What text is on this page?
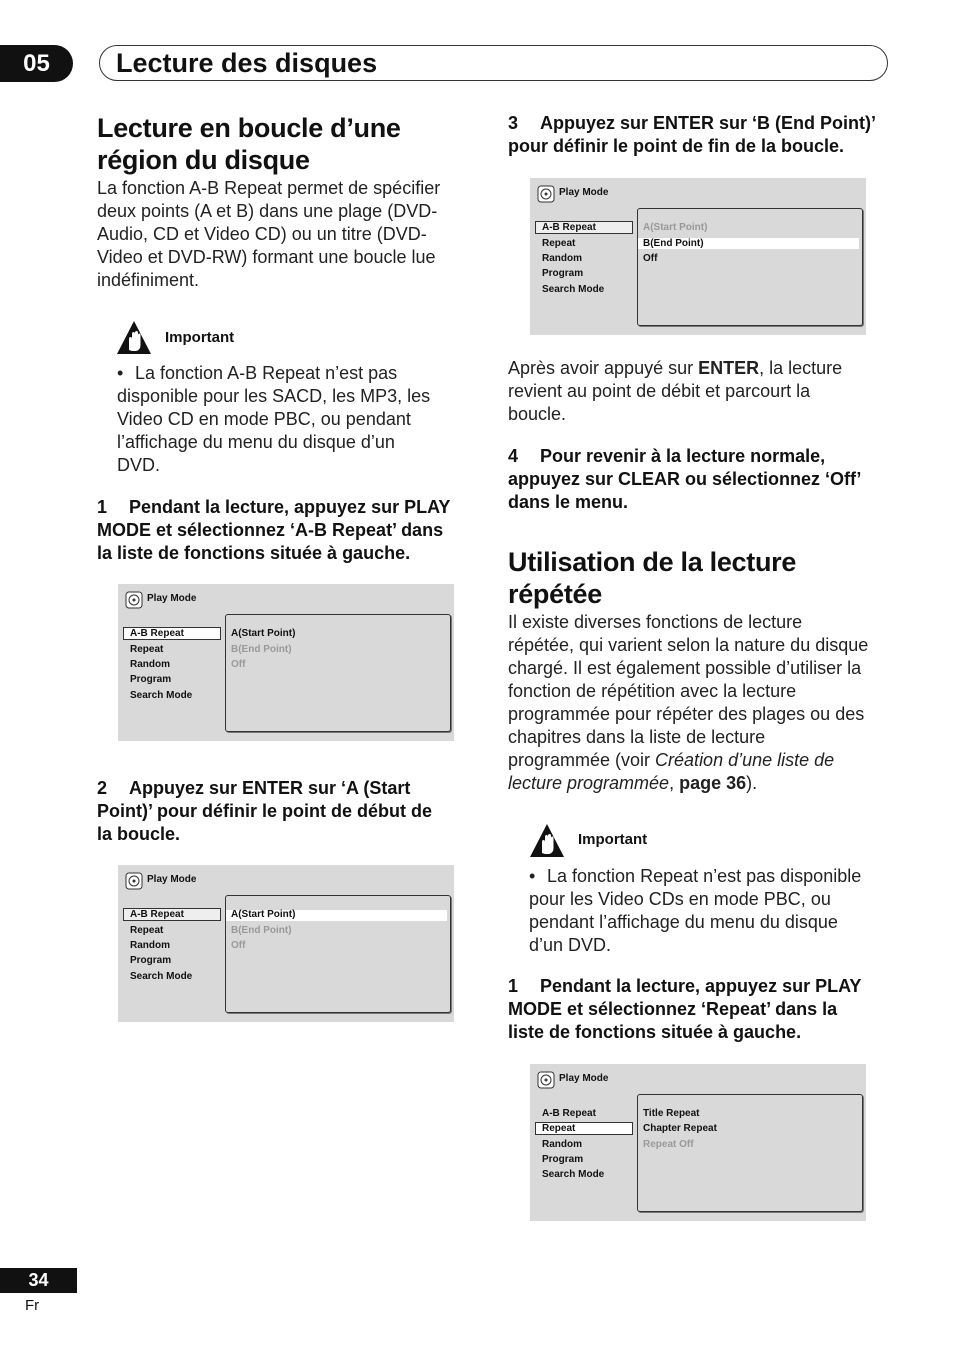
05	Lecture des disques
Lecture en boucle d’une
région du disque
La fonction A-B Repeat permet de spécifier
deux points (A et B) dans une plage (DVD-
Audio, CD et Video CD) ou un titre (DVD-
Video et DVD-RW) formant une boucle lue
indéfiniment.
Important
• La fonction A-B Repeat n’est pas
disponible pour les SACD, les MP3, les
Video CD en mode PBC, ou pendant
l’affichage du menu du disque d’un
DVD.
1 Pendant la lecture, appuyez sur PLAY
MODE et sélectionnez ‘A-B Repeat’ dans
la liste de fonctions située à gauche.
Play Mode
A-B Repeat
Repeat
Random
Program
Search Mode
A(Start Point)
B(End Point)
Off
2 Appuyez sur ENTER sur ‘A (Start
Point)’ pour définir le point de début de
la boucle.
Play Mode
A-B Repeat
Repeat
Random
Program
Search Mode
A(Start Point)
B(End Point)
Off
3 Appuyez sur ENTER sur ‘B (End Point)’
pour définir le point de fin de la boucle.
Play Mode
A-B Repeat
Repeat
Random
Program
Search Mode
A(Start Point)
B(End Point)
Off
Après avoir appuyé sur ENTER, la lecture
revient au point de débit et parcourt la
boucle.
4 Pour revenir à la lecture normale,
appuyez sur CLEAR ou sélectionnez ‘Off’
dans le menu.
Utilisation de la lecture
répétée
Il existe diverses fonctions de lecture
répétée, qui varient selon la nature du disque
chargé. Il est également possible d’utiliser la
fonction de répétition avec la lecture
programmée pour répéter des plages ou des
chapitres dans la liste de lecture
programmée (voir Création d’une liste de
lecture programmée, page 36).
Important
• La fonction Repeat n’est pas disponible
pour les Video CDs en mode PBC, ou
pendant l’affichage du menu du disque
d’un DVD.
1 Pendant la lecture, appuyez sur PLAY
MODE et sélectionnez ‘Repeat’ dans la
liste de fonctions située à gauche.
Play Mode
A-B Repeat
Repeat
Random
Program
Search Mode
Title Repeat
Chapter Repeat
Repeat Off
34
Fr
